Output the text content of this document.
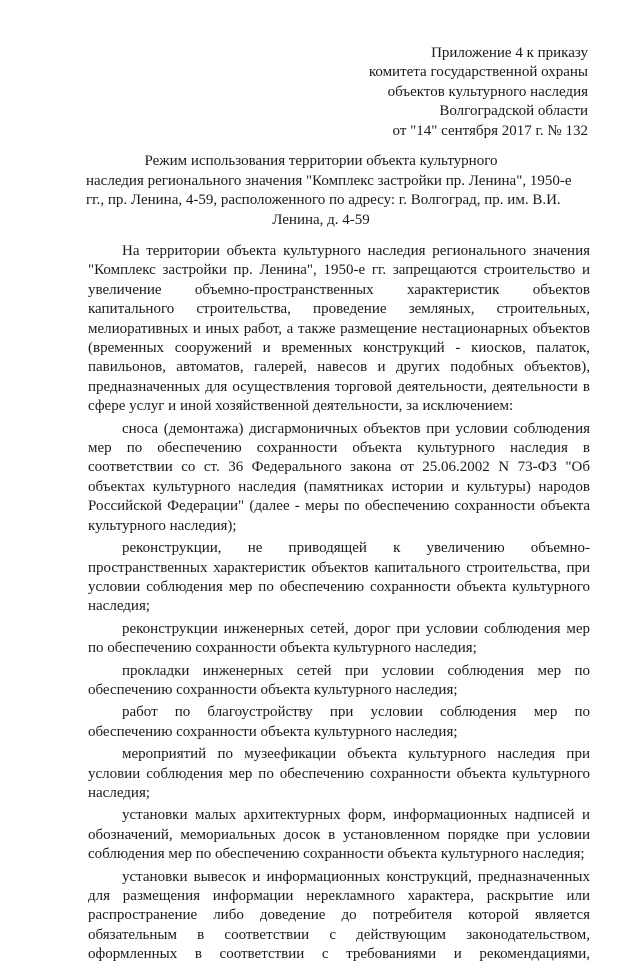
Приложение 4 к приказу
комитета государственной охраны
объектов культурного наследия
Волгоградской области
от "14" сентября 2017 г. № 132
Режим использования территории объекта культурного
наследия регионального значения "Комплекс застройки пр. Ленина", 1950-е
гг., пр. Ленина, 4-59, расположенного по адресу: г. Волгоград, пр. им. В.И.
Ленина, д. 4-59
На территории объекта культурного наследия регионального значения
"Комплекс застройки пр. Ленина", 1950-е гг. запрещаются строительство и
увеличение объемно-пространственных характеристик объектов
капитального строительства, проведение земляных, строительных,
мелиоративных и иных работ, а также размещение нестационарных объектов
(временных сооружений и временных конструкций - киосков, палаток,
павильонов, автоматов, галерей, навесов и других подобных объектов),
предназначенных для осуществления торговой деятельности, деятельности в
сфере услуг и иной хозяйственной деятельности, за исключением:
сноса (демонтажа) дисгармоничных объектов при условии соблюдения
мер по обеспечению сохранности объекта культурного наследия в
соответствии со ст. 36 Федерального закона от 25.06.2002 N 73-ФЗ "Об
объектах культурного наследия (памятниках истории и культуры) народов
Российской Федерации" (далее - меры по обеспечению сохранности объекта
культурного наследия);
реконструкции, не приводящей к увеличению объемно-
пространственных характеристик объектов капитального строительства, при
условии соблюдения мер по обеспечению сохранности объекта культурного
наследия;
реконструкции инженерных сетей, дорог при условии соблюдения мер
по обеспечению сохранности объекта культурного наследия;
прокладки инженерных сетей при условии соблюдения мер по
обеспечению сохранности объекта культурного наследия;
работ по благоустройству при условии соблюдения мер по
обеспечению сохранности объекта культурного наследия;
мероприятий по музеефикации объекта культурного наследия при
условии соблюдения мер по обеспечению сохранности объекта культурного
наследия;
установки малых архитектурных форм, информационных надписей и
обозначений, мемориальных досок в установленном порядке при условии
соблюдения мер по обеспечению сохранности объекта культурного наследия;
установки вывесок и информационных конструкций, предназначенных
для размещения информации нерекламного характера, раскрытие или
распространение либо доведение до потребителя которой является
обязательным в соответствии с действующим законодательством,
оформленных в соответствии с требованиями и рекомендациями,
